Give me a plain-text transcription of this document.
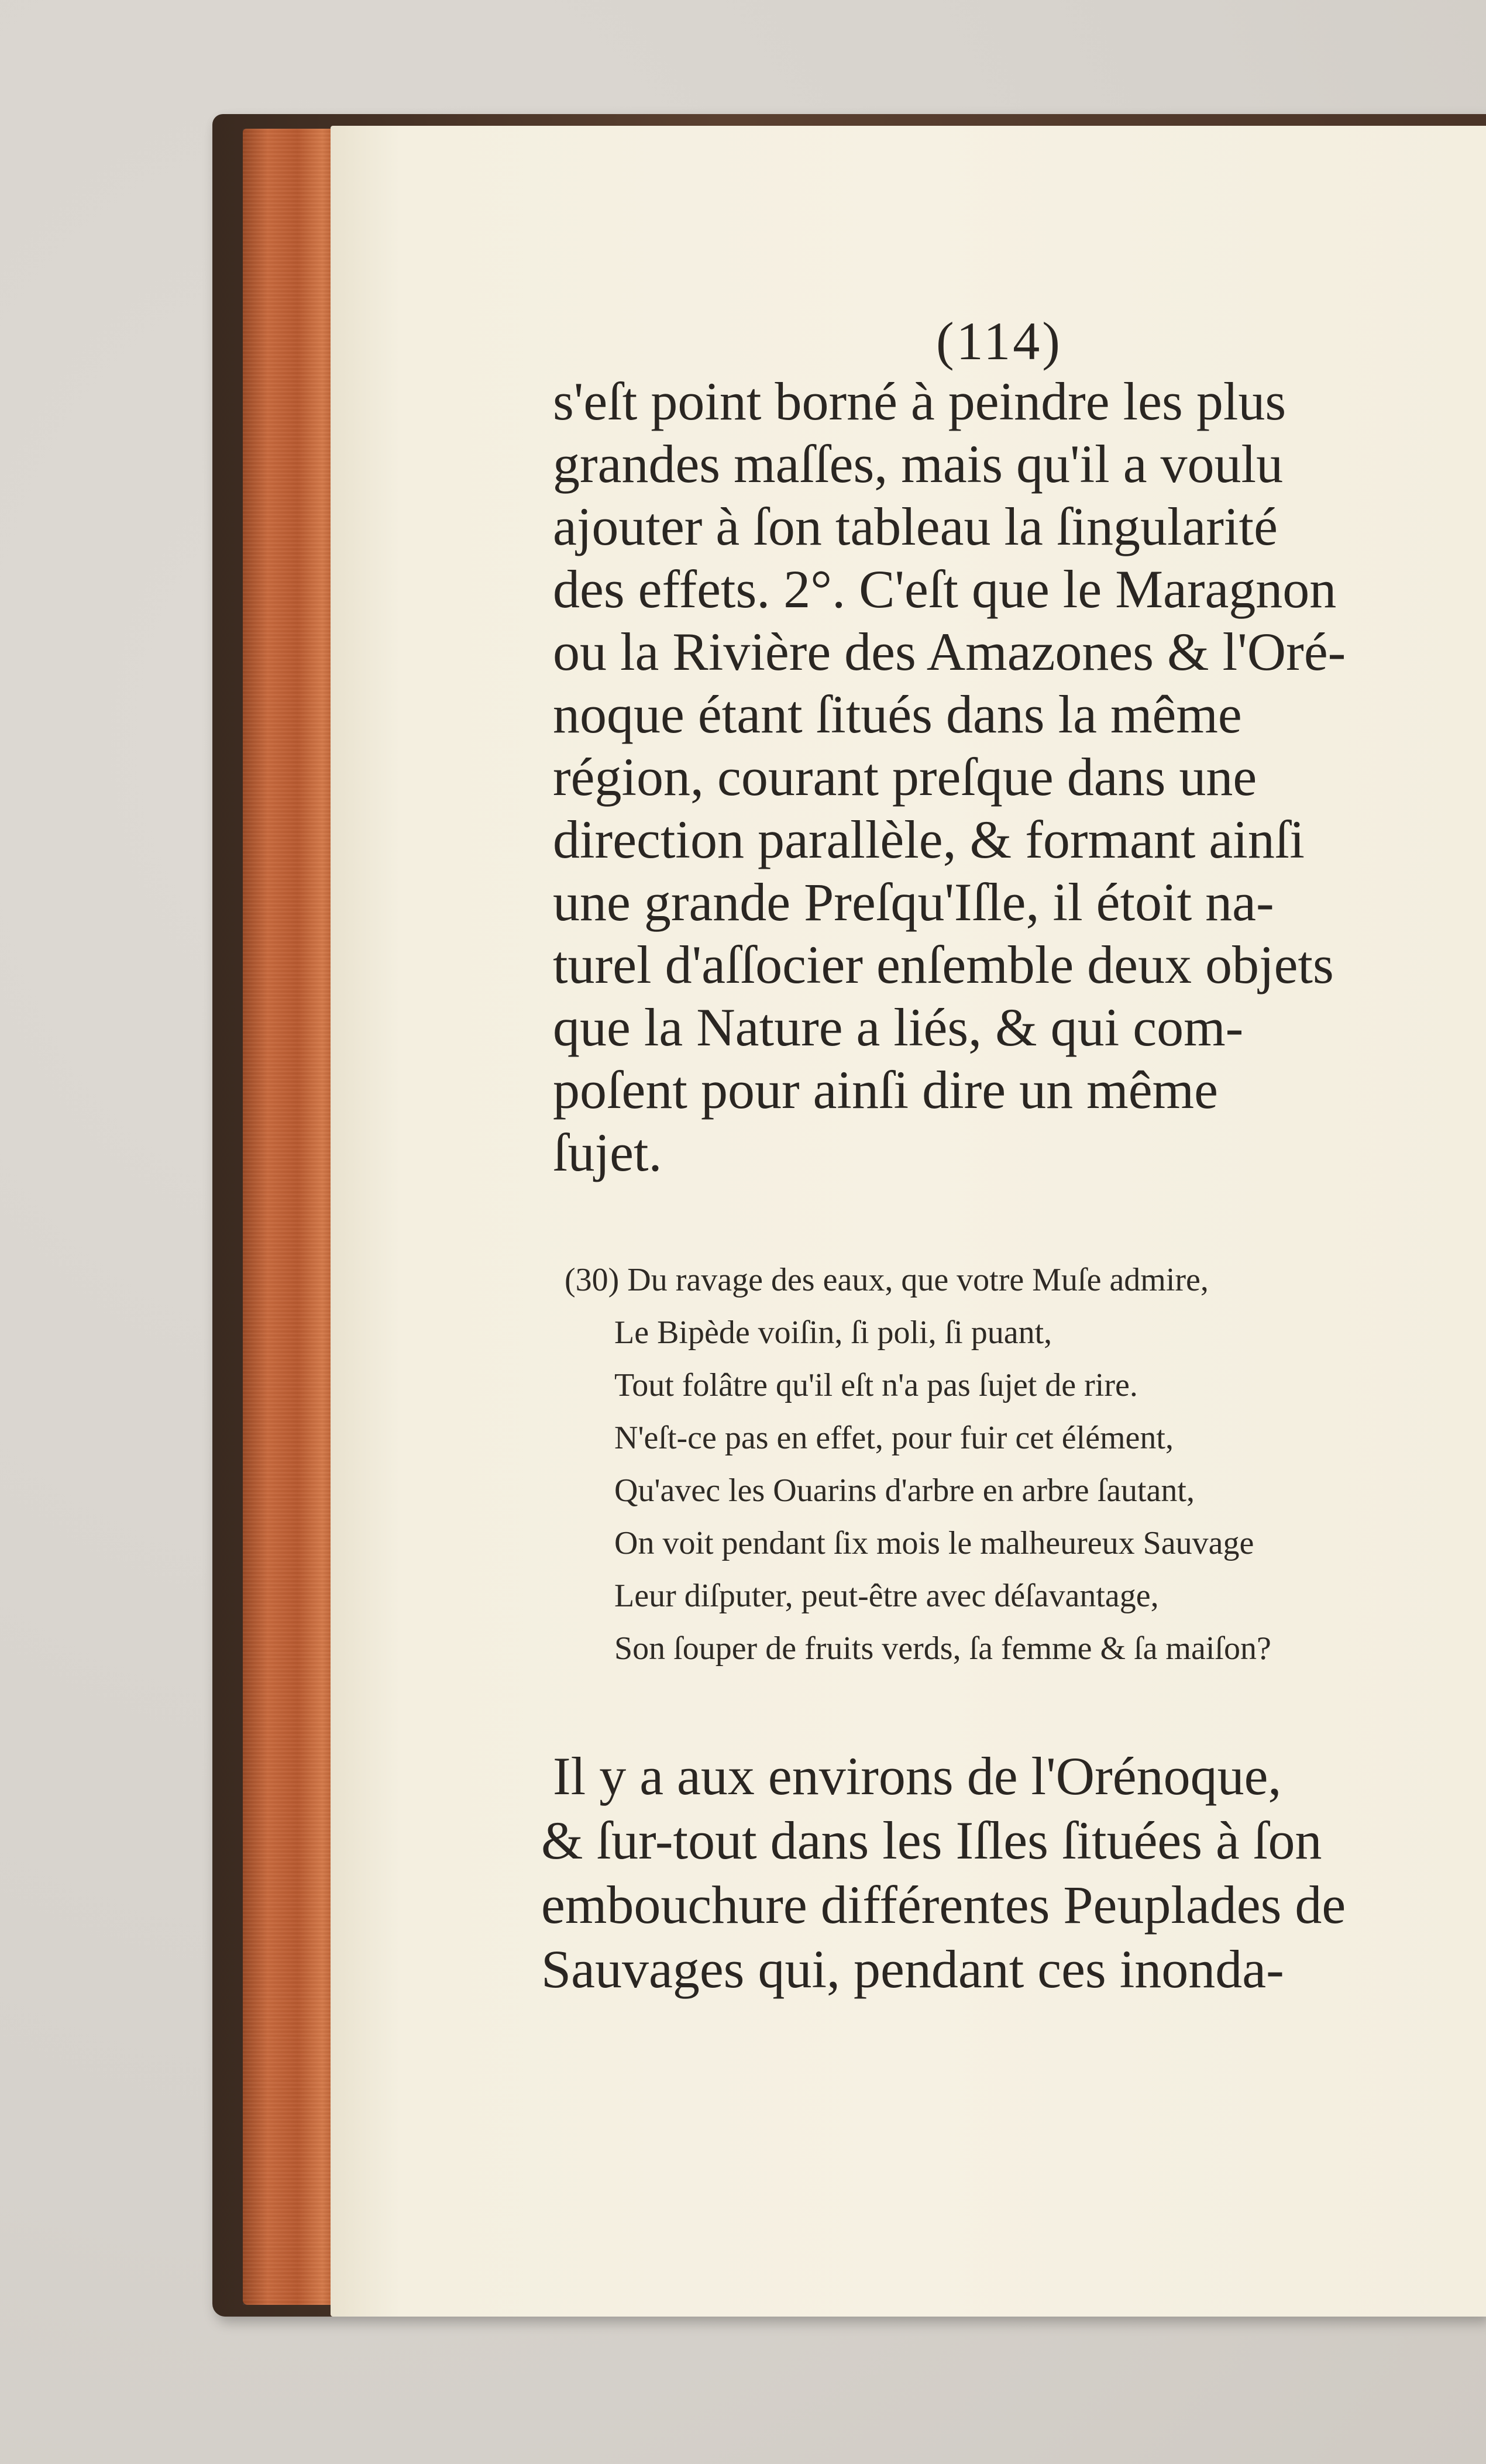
(114)
s'eſt point borné à peindre les plus
grandes maſſes, mais qu'il a voulu
ajouter à ſon tableau la ſingularité
des effets. 2°. C'eſt que le Maragnon
ou la Rivière des Amazones & l'Oré-
noque étant ſitués dans la même
région, courant preſque dans une
direction parallèle, & formant ainſi
une grande Preſqu'Iſle, il étoit na-
turel d'aſſocier enſemble deux objets
que la Nature a liés, & qui com-
poſent pour ainſi dire un même
ſujet.
(30) Du ravage des eaux, que votre Muſe admire,
Le Bipède voiſin, ſi poli, ſi puant,
Tout folâtre qu'il eſt n'a pas ſujet de rire.
N'eſt-ce pas en effet, pour fuir cet élément,
Qu'avec les Ouarins d'arbre en arbre ſautant,
On voit pendant ſix mois le malheureux Sauvage
Leur diſputer, peut-être avec déſavantage,
Son ſouper de fruits verds, ſa femme & ſa maiſon?
Il y a aux environs de l'Orénoque,
& ſur-tout dans les Iſles ſituées à ſon
embouchure différentes Peuplades de
Sauvages qui, pendant ces inonda-
